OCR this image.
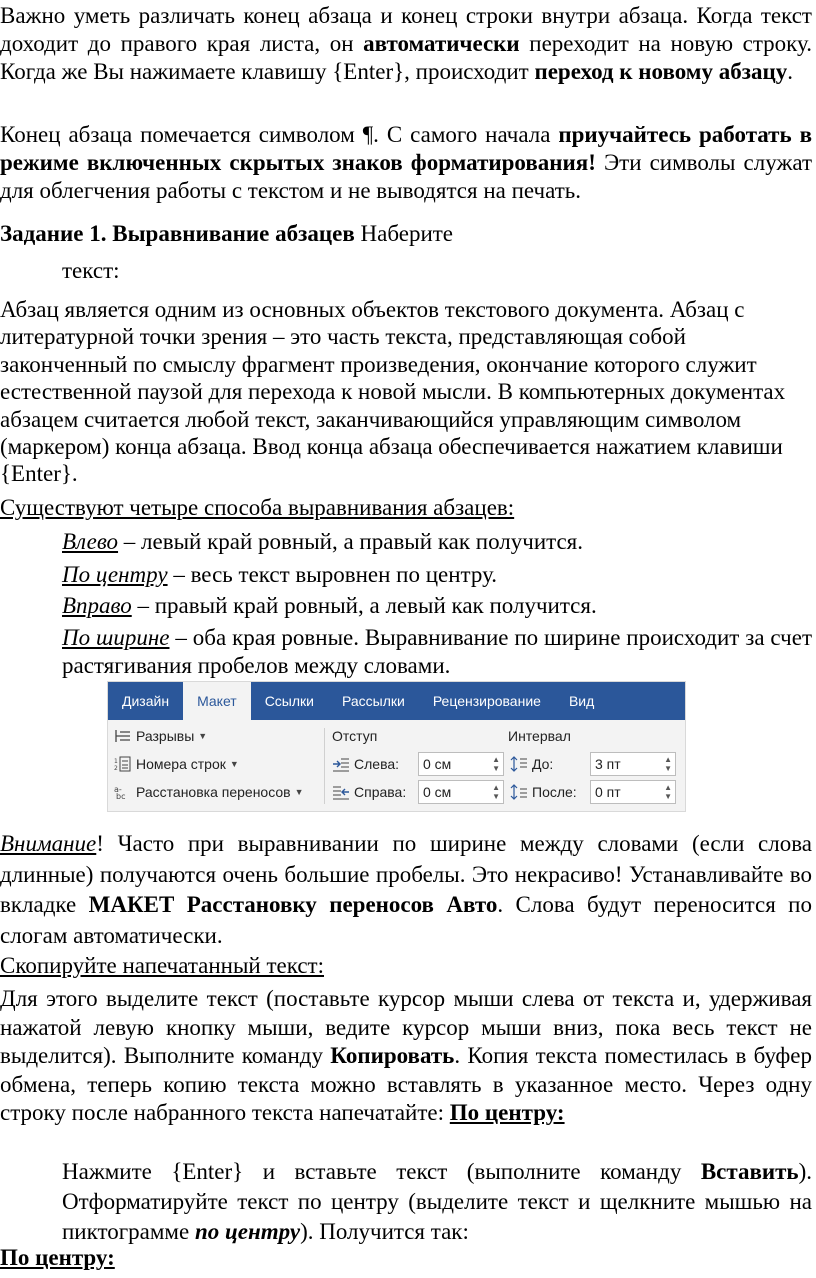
Важно уметь различать конец абзаца и конец строки внутри абзаца. Когда текст доходит до правого края листа, он автоматически переходит на новую строку. Когда же Вы нажимаете клавишу {Enter}, происходит переход к новому абзацу.

Конец абзаца помечается символом ¶. С самого начала приучайтесь работать в режиме включенных скрытых знаков форматирования! Эти символы служат для облегчения работы с текстом и не выводятся на печать.

Задание 1. Выравнивание абзацев Наберите

текст:

Абзац является одним из основных объектов текстового документа. Абзац с литературной точки зрения – это часть текста, представляющая собой законченный по смыслу фрагмент произведения, окончание которого служит естественной паузой для перехода к новой мысли. В компьютерных документах абзацем считается любой текст, заканчивающийся управляющим символом (маркером) конца абзаца. Ввод конца абзаца обеспечивается нажатием клавиши {Enter}.

Существуют четыре способа выравнивания абзацев:

Влево – левый край ровный, а правый как получится.

По центру – весь текст выровнен по центру.

Вправо – правый край ровный, а левый как получится.

По ширине – оба края ровные. Выравнивание по ширине происходит за счет растягивания пробелов между словами.

Дизайн	Макет	Ссылки	Рассылки	Рецензирование	Вид
Разрывы ▼
1
2 Номера строк ▼
a-
bc Расстановка переносов ▼
Отступ
Слева:	0 см	▲
▼
Справа:	0 см	▲
▼
Интервал
До:	3 пт	▲
▼
После:	0 пт	▲
▼

Внимание! Часто при выравнивании по ширине между словами (если слова длинные) получаются очень большие пробелы. Это некрасиво! Устанавливайте во вкладке МАКЕТ Расстановку переносов Авто. Слова будут переносится по слогам автоматически.

Скопируйте напечатанный текст:

Для этого выделите текст (поставьте курсор мыши слева от текста и, удерживая нажатой левую кнопку мыши, ведите курсор мыши вниз, пока весь текст не выделится). Выполните команду Копировать. Копия текста поместилась в буфер обмена, теперь копию текста можно вставлять в указанное место. Через одну строку после набранного текста напечатайте: По центру:

Нажмите {Enter} и вставьте текст (выполните команду Вставить). Отформатируйте текст по центру (выделите текст и щелкните мышью на пиктограмме по центру). Получится так:

По центру:
